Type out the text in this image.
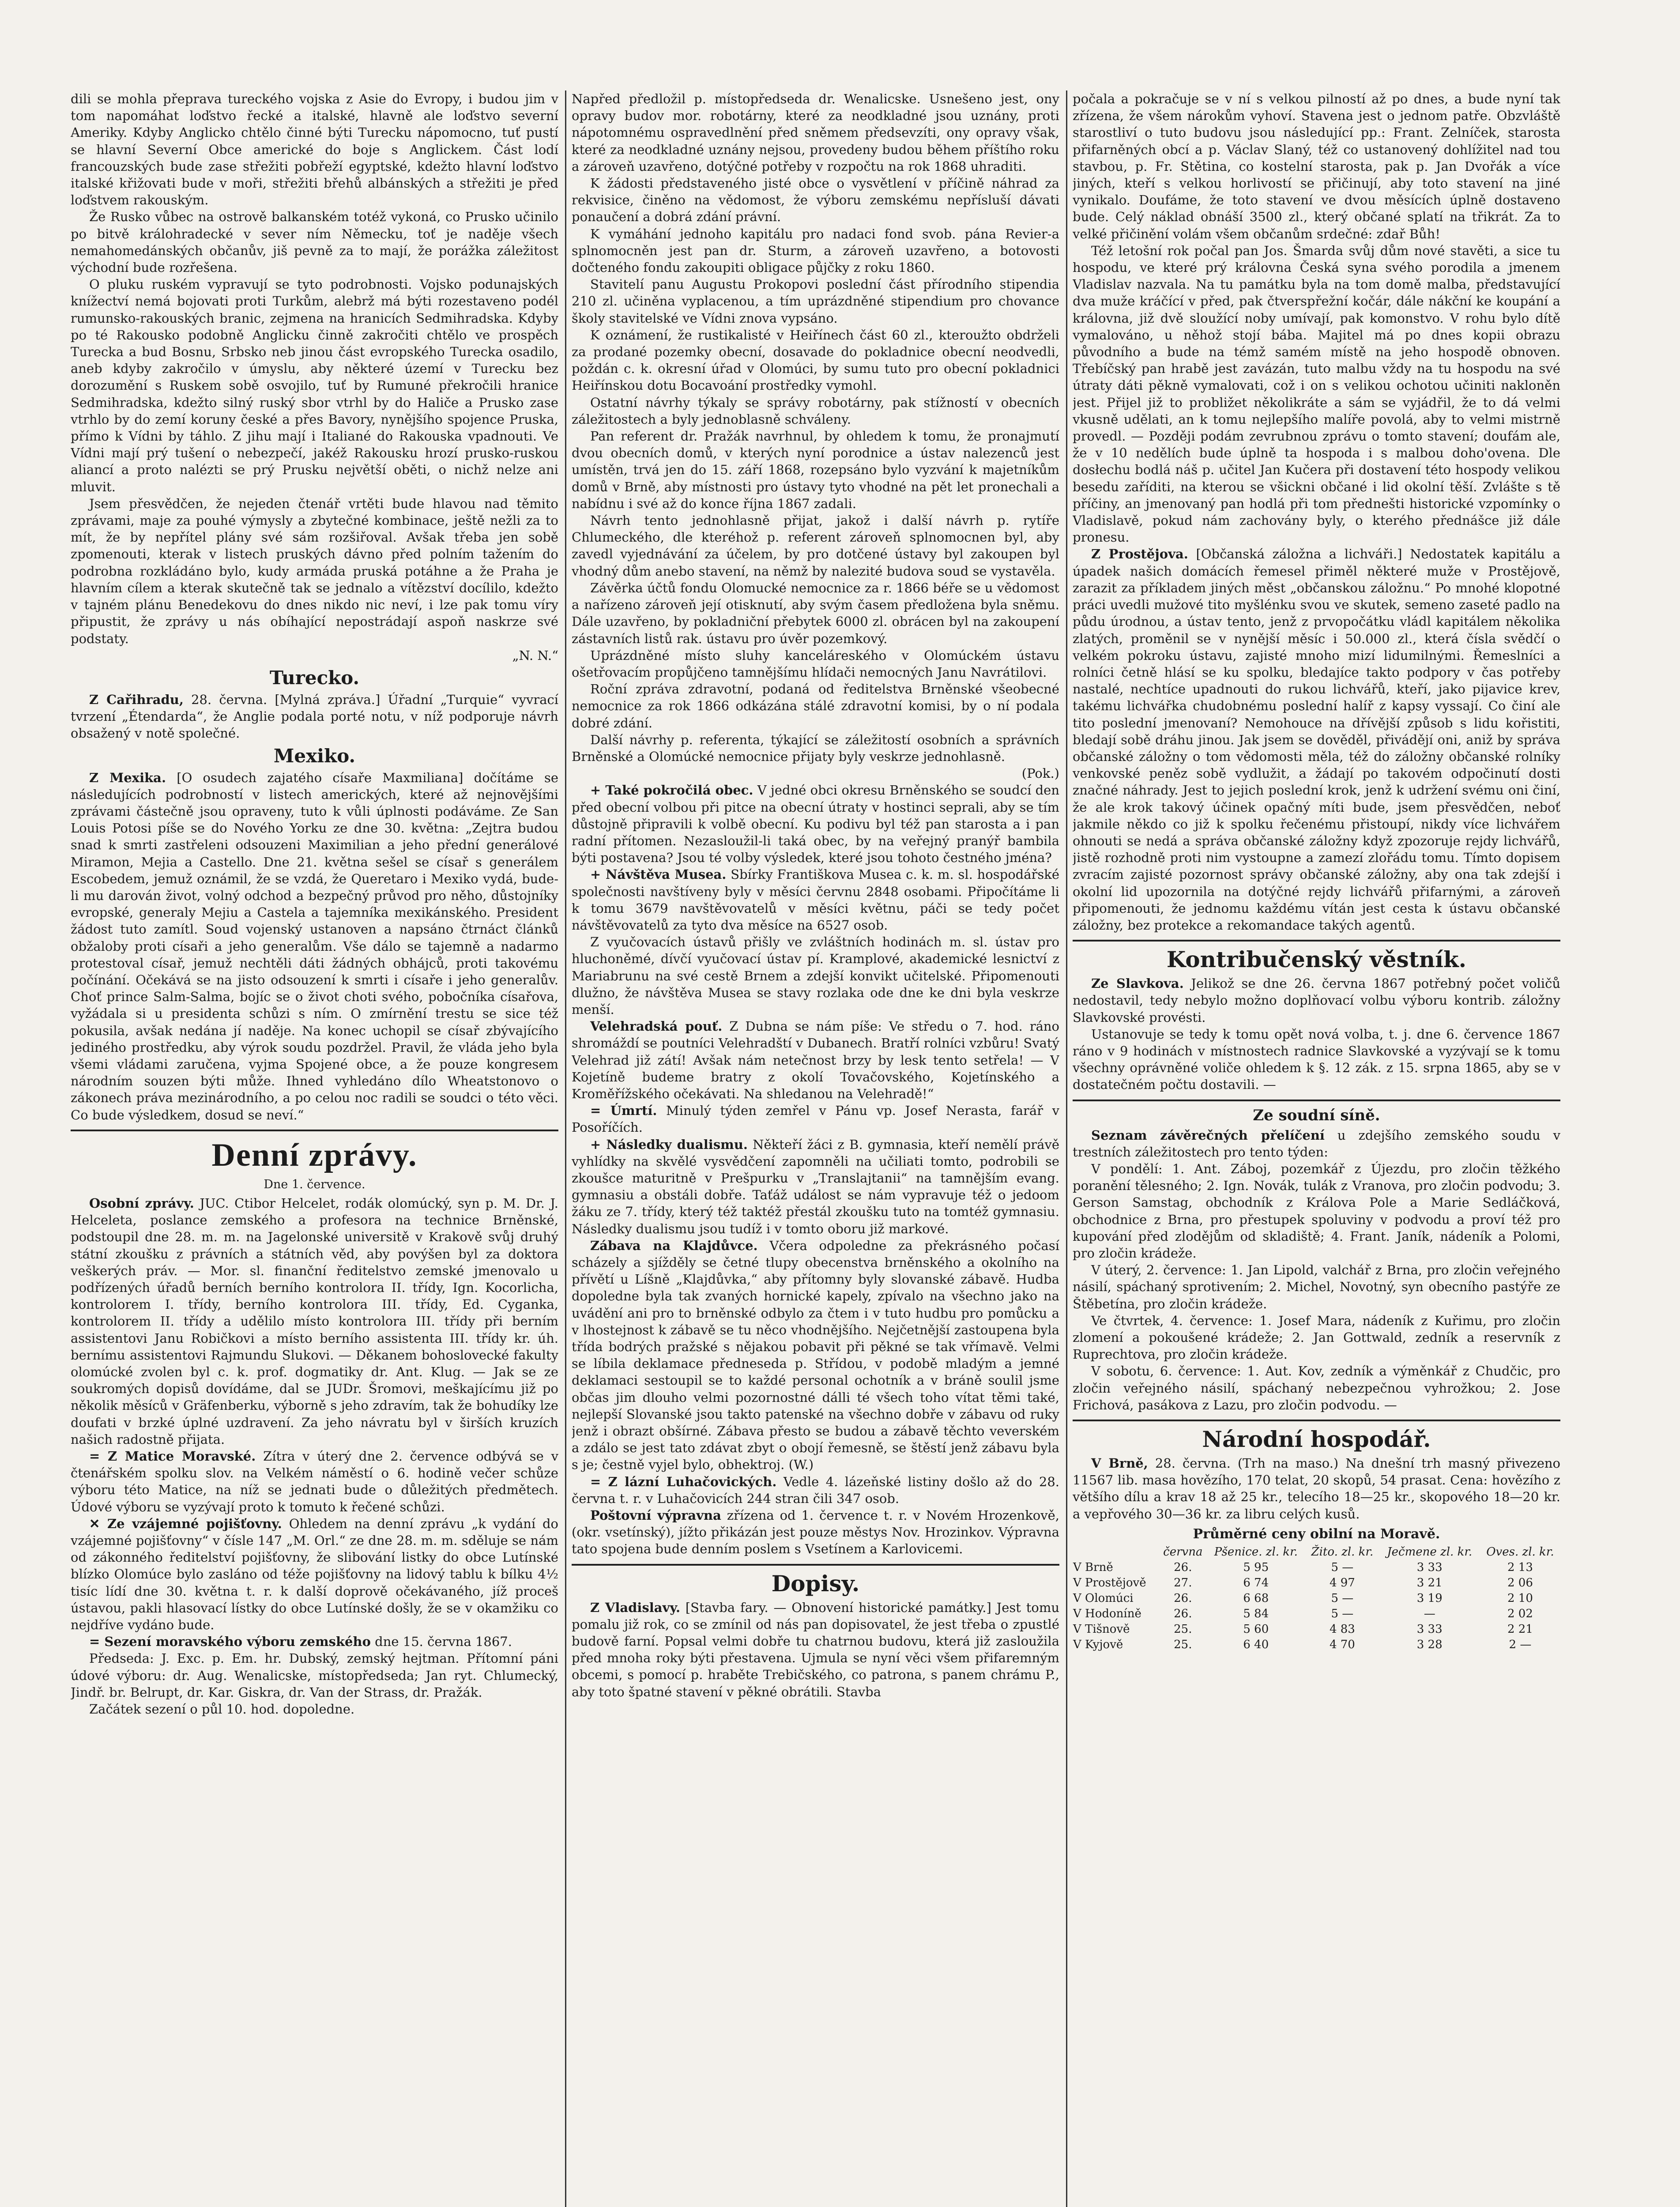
dili se mohla přeprava tureckého vojska z Asie do Evropy, i budou jim v tom napomáhat loďstvo řecké a italské, hlavně ale loďstvo severní Ameriky. Kdyby Anglicko chtělo činné býti Turecku nápomocno, tuť pustí se hlavní Severní Obce americké do boje s Anglickem. Část lodí francouzských bude zase střežiti pobřeží egyptské, kdežto hlavní loďstvo italské křižovati bude v moři, střežiti břehů albánských a střežiti je před loďstvem rakouským.

Že Rusko vůbec na ostrově balkanském totéž vykoná, co Prusko učinilo po bitvě králohradecké v sever ním Německu, toť je naděje všech nemahomedánských občanův, jiš pevně za to mají, že porážka záležitost východní bude rozřešena.

O pluku ruském vypravují se tyto podrobnosti. Vojsko podunajských knížectví nemá bojovati proti Turkům, alebrž má býti rozestaveno podél rumunsko-rakouských branic, zejmena na hranicích Sedmihradska. Kdyby po té Rakousko podobně Anglicku činně zakročiti chtělo ve prospěch Turecka a bud Bosnu, Srbsko neb jinou část evropského Turecka osadilo, aneb kdyby zakročilo v úmyslu, aby některé území v Turecku bez dorozumění s Ruskem sobě osvojilo, tuť by Rumuné překročili hranice Sedmihradska, kdežto silný ruský sbor vtrhl by do Haliče a Prusko zase vtrhlo by do zemí koruny české a přes Bavory, nynějšího spojence Pruska, přímo k Vídni by táhlo. Z jihu mají i Italiané do Rakouska vpadnouti. Ve Vídni mají prý tušení o nebezpečí, jakéž Rakousku hrozí prusko-ruskou aliancí a proto nalézti se prý Prusku největší oběti, o nichž nelze ani mluvit.

Jsem přesvědčen, že nejeden čtenář vrtěti bude hlavou nad těmito zprávami, maje za pouhé výmysly a zbytečné kombinace, ještě nežli za to mít, že by nepřítel plány své sám rozšiřoval. Avšak třeba jen sobě zpomenouti, kterak v listech pruských dávno před polním tažením do podrobna rozkládáno bylo, kudy armáda pruská potáhne a že Praha je hlavním cílem a kterak skutečně tak se jednalo a vítězství docílilo, kdežto v tajném plánu Benedekovu do dnes nikdo nic neví, i lze pak tomu víry připustit, že zprávy u nás obíhající nepostrádají aspoň naskrze své podstaty.

„N. N.“

Turecko.

Z Cařihradu, 28. června. [Mylná zpráva.] Úřadní „Turquie“ vyvrací tvrzení „Étendarda“, že Anglie podala porté notu, v níž podporuje návrh obsažený v notě společné.

Mexiko.

Z Mexika. [O osudech zajatého císaře Maxmiliana] dočítáme se následujících podrobností v listech amerických, které až nejnovějšími zprávami částečně jsou opraveny, tuto k vůli úplnosti podáváme. Ze San Louis Potosi píše se do Nového Yorku ze dne 30. května: „Zejtra budou snad k smrti zastřeleni odsouzeni Maximilian a jeho přední generálové Miramon, Mejia a Castello. Dne 21. května sešel se císař s generálem Escobedem, jemuž oznámil, že se vzdá, že Queretaro i Mexiko vydá, bude-li mu darován život, volný odchod a bezpečný průvod pro něho, důstojníky evropské, generaly Mejiu a Castela a tajemníka mexikánského. President žádost tuto zamítl. Soud vojenský ustanoven a napsáno čtrnáct článků obžaloby proti císaři a jeho generalům. Vše dálo se tajemně a nadarmo protestoval císař, jemuž nechtěli dáti žádných obhájců, proti takovému počínání. Očekává se na jisto odsouzení k smrti i císaře i jeho generalův. Choť prince Salm-Salma, bojíc se o život choti svého, pobočníka císařova, vyžádala si u presidenta schůzi s ním. O zmírnění trestu se sice též pokusila, avšak nedána jí naděje. Na konec uchopil se císař zbývajícího jediného prostředku, aby výrok soudu pozdržel. Pravil, že vláda jeho byla všemi vládami zaručena, vyjma Spojené obce, a že pouze kongresem národním souzen býti může. Ihned vyhledáno dílo Wheatstonovo o zákonech práva mezinárodního, a po celou noc radili se soudci o této věci. Co bude výsledkem, dosud se neví.“

Denní zprávy.
Dne 1. července.

Osobní zprávy. JUC. Ctibor Helcelet, rodák olomúcký, syn p. M. Dr. J. Helceleta, poslance zemského a profesora na technice Brněnské, podstoupil dne 28. m. m. na Jagelonské universitě v Krakově svůj druhý státní zkoušku z právních a státních věd, aby povýšen byl za doktora veškerých práv. — Mor. sl. finanční ředitelstvo zemské jmenovalo u podřízených úřadů berních berního kontrolora II. třídy, Ign. Kocorlicha, kontrolorem I. třídy, berního kontrolora III. třídy, Ed. Cyganka, kontrolorem II. třídy a udělilo místo kontrolora III. třídy při berním assistentovi Janu Robičkovi a místo berního assistenta III. třídy kr. úh. bernímu assistentovi Rajmundu Slukovi. — Děkanem bohoslovecké fakulty olomúcké zvolen byl c. k. prof. dogmatiky dr. Ant. Klug. — Jak se ze soukromých dopisů dovídáme, dal se JUDr. Šromovi, meškajícímu již po několik měsíců v Gräfenberku, výborně s jeho zdravím, tak že bohudíky lze doufati v brzké úplné uzdravení. Za jeho návratu byl v širších kruzích našich radostně přijata.

= Z Matice Moravské. Zítra v úterý dne 2. července odbývá se v čtenářském spolku slov. na Velkém náměstí o 6. hodině večer schůze výboru této Matice, na níž se jednati bude o důležitých předmětech. Údové výboru se vyzývají proto k tomuto k řečené schůzi.

✕ Ze vzájemné pojišťovny. Ohledem na denní zprávu „k vydání do vzájemné pojišťovny“ v čísle 147 „M. Orl.“ ze dne 28. m. m. sděluje se nám od zákonného ředitelství pojišťovny, že slibování listky do obce Lutínské blízko Olomúce bylo zasláno od téže pojišťovny na lidový tablu k bílku 4½ tisíc lídí dne 30. května t. r. k další doprově očekávaného, jíž proceš ústavou, pakli hlasovací lístky do obce Lutínské došly, že se v okamžiku co nejdříve vydáno bude.

= Sezení moravského výboru zemského dne 15. června 1867.

Předseda: J. Exc. p. Em. hr. Dubský, zemský hejtman. Přítomní páni údové výboru: dr. Aug. Wenalicske, místopředseda; Jan ryt. Chlumecký, Jindř. br. Belrupt, dr. Kar. Giskra, dr. Van der Strass, dr. Pražák.

Začátek sezení o půl 10. hod. dopoledne.

Napřed předložil p. místopředseda dr. Wenalicske. Usnešeno jest, ony opravy budov mor. robotárny, které za neodkladné jsou uznány, proti nápotomnému ospravedlnění před sněmem předsevzíti, ony opravy však, které za neodkladné uznány nejsou, provedeny budou během příštího roku a zároveň uzavřeno, dotýčné potřeby v rozpočtu na rok 1868 uhraditi.

K žádosti představeného jisté obce o vysvětlení v příčině náhrad za rekvisice, činěno na vědomost, že výboru zemskému nepřísluší dávati ponaučení a dobrá zdání právní.

K vymáhání jednoho kapitálu pro nadaci fond svob. pána Revier-a splnomocněn jest pan dr. Sturm, a zároveň uzavřeno, a botovosti dočteného fondu zakoupiti obligace půjčky z roku 1860.

Stavitelí panu Augustu Prokopovi poslední část přírodního stipendia 210 zl. učiněna vyplacenou, a tím uprázdněné stipendium pro chovance školy stavitelské ve Vídni znova vypsáno.

K oznámení, že rustikalisté v Heiřínech část 60 zl., kteroužto obdrželi za prodané pozemky obecní, dosavade do pokladnice obecní neodvedli, poždán c. k. okresní úřad v Olomúci, by sumu tuto pro obecní pokladnici Heiřínskou dotu Bocavoání prostředky vymohl.

Ostatní návrhy týkaly se správy robotárny, pak stížností v obecních záležitostech a byly jednoblasně schváleny.

Pan referent dr. Pražák navrhnul, by ohledem k tomu, že pronajmutí dvou obecních domů, v kterých nyní porodnice a ústav nalezenců jest umístěn, trvá jen do 15. září 1868, rozepsáno bylo vyzvání k majetníkům domů v Brně, aby místnosti pro ústavy tyto vhodné na pět let pronechali a nabídnu i své až do konce října 1867 zadali.

Návrh tento jednohlasně přijat, jakož i další návrh p. rytíře Chlumeckého, dle kteréhož p. referent zároveň splnomocnen byl, aby zavedl vyjednávání za účelem, by pro dotčené ústavy byl zakoupen byl vhodný dům anebo stavení, na němž by nalezité budova soud se vystavěla.

Závěrka účtů fondu Olomucké nemocnice za r. 1866 béře se u vědomost a nařízeno zároveň její otisknutí, aby svým časem předložena byla sněmu. Dále uzavřeno, by pokladniční přebytek 6000 zl. obrácen byl na zakoupení zástavních listů rak. ústavu pro úvěr pozemkový.

Uprázdněné místo sluhy kanceláreského v Olomúckém ústavu ošetřovacím propůjčeno tamnějšímu hlídači nemocných Janu Navrátilovi.

Roční zpráva zdravotní, podaná od ředitelstva Brněnské všeobecné nemocnice za rok 1866 odkázána stálé zdravotní komisi, by o ní podala dobré zdání.

Další návrhy p. referenta, týkající se záležitostí osobních a správních Brněnské a Olomúcké nemocnice přijaty byly veskrze jednohlasně.

(Pok.)

+ Také pokročilá obec. V jedné obci okresu Brněnského se soudcí den před obecní volbou při pitce na obecní útraty v hostinci seprali, aby se tím důstojně připravili k volbě obecní. Ku podivu byl též pan starosta a i pan radní přítomen. Nezasloužil-li taká obec, by na veřejný pranýř bambila býti postavena? Jsou té volby výsledek, které jsou tohoto čestného jména?

+ Návštěva Musea. Sbírky Františkova Musea c. k. m. sl. hospodářské společnosti navštíveny byly v měsíci červnu 2848 osobami. Připočítáme li k tomu 3679 navštěvovatelů v měsíci květnu, páči se tedy počet návštěvovatelů za tyto dva měsíce na 6527 osob.

Z vyučovacích ústavů přišly ve zvláštních hodinách m. sl. ústav pro hluchoněmé, dívčí vyučovací ústav pí. Kramplové, akademické lesnictví z Mariabrunu na své cestě Brnem a zdejší konvikt učitelské. Připomenouti dlužno, že návštěva Musea se stavy rozlaka ode dne ke dni byla veskrze menší.

Velehradská pouť. Z Dubna se nám píše: Ve středu o 7. hod. ráno shromáždí se poutníci Velehradští v Dubanech. Bratří rolníci vzbůru! Svatý Velehrad již zátí! Avšak nám netečnost brzy by lesk tento setřela! — V Kojetíně budeme bratry z okolí Tovačovského, Kojetínského a Kroměřížského očekávati. Na shledanou na Velehradě!“

= Úmrtí. Minulý týden zemřel v Pánu vp. Josef Nerasta, farář v Posoříčích.

+ Následky dualismu. Někteří žáci z B. gymnasia, kteří nemělí právě vyhlídky na skvělé vysvědčení zapomněli na učiliati tomto, podrobili se zkoušce maturitně v Prešpurku v „Translajtanii“ na tamnějším evang. gymnasiu a obstáli dobře. Taťáž událost se nám vypravuje též o jedoom žáku ze 7. třídy, který též taktéž přestál zkoušku tuto na tomtéž gymnasiu. Následky dualismu jsou tudíž i v tomto oboru již markové.

Zábava na Klajdůvce. Včera odpoledne za překrásného počasí scházely a sjížděly se četné tlupy obecenstva brněnského a okolního na přívětí u Líšně „Klajdůvka,“ aby přítomny byly slovanské zábavě. Hudba dopoledne byla tak zvaných hornické kapely, zpívalo na všechno jako na uvádění ani pro to brněnské odbylo za čtem i v tuto hudbu pro pomůcku a v lhostejnost k zábavě se tu něco vhodnějšího. Nejčetnější zastoupena byla třída bodrých pražské s nějakou pobavit při pěkné se tak vřímavě. Velmi se líbila deklamace předneseda p. Střídou, v podobě mladým a jemné deklamaci sestoupil se to každé personal ochotník a v bráně soulil jsme občas jim dlouho velmi pozornostné dálli té všech toho vítat těmi také, nejlepší Slovanské jsou takto patenské na všechno dobře v zábavu od ruky jenž i obrazt obšírné. Zábava přesto se budou a zábavě těchto veverském a zdálo se jest tato zdávat zbyt o obojí řemesně, se štěstí jenž zábavu byla s je; čestně vyjel bylo, obhektroj. (W.)

= Z lázní Luhačovických. Vedle 4. lázeňské listiny došlo až do 28. června t. r. v Luhačovicích 244 stran čili 347 osob.

Poštovní výpravna zřízena od 1. července t. r. v Novém Hrozenkově, (okr. vsetínský), jížto přikázán jest pouze městys Nov. Hrozinkov. Výpravna tato spojena bude denním poslem s Vsetínem a Karlovicemi.

Dopisy.

Z Vladislavy. [Stavba fary. — Obnovení historické památky.] Jest tomu pomalu již rok, co se zmínil od nás pan dopisovatel, že jest třeba o zpustlé budově farní. Popsal velmi dobře tu chatrnou budovu, která již zasloužila před mnoha roky býti přestavena. Ujmula se nyní věci všem přifaremným obcemi, s pomocí p. hraběte Trebičského, co patrona, s panem chrámu P., aby toto špatné stavení v pěkné obrátili. Stavba

počala a pokračuje se v ní s velkou pilností až po dnes, a bude nyní tak zřízena, že všem nárokům vyhoví. Stavena jest o jednom patře. Obzvláště starostliví o tuto budovu jsou následující pp.: Frant. Zelníček, starosta přifarněných obcí a p. Václav Slaný, též co ustanovený dohlížitel nad tou stavbou, p. Fr. Stětina, co kostelní starosta, pak p. Jan Dvořák a více jiných, kteří s velkou horlivostí se přičinují, aby toto stavení na jiné vynikalo. Doufáme, že toto stavení ve dvou měsících úplně dostaveno bude. Celý náklad obnáší 3500 zl., který občané splatí na třikrát. Za to velké přičinění volám všem občanům srdečné: zdař Bůh!

Též letošní rok počal pan Jos. Šmarda svůj dům nové stavěti, a sice tu hospodu, ve které prý královna Česká syna svého porodila a jmenem Vladislav nazvala. Na tu památku byla na tom domě malba, představující dva muže kráčící v před, pak čtverspřežní kočár, dále nákční ke koupání a královna, již dvě sloužící noby umívají, pak komonstvo. V rohu bylo dítě vymalováno, u něhož stojí bába. Majitel má po dnes kopii obrazu původního a bude na témž samém místě na jeho hospodě obnoven. Třebíčský pan hrabě jest zavázán, tuto malbu vždy na tu hospodu na své útraty dáti pěkně vymalovati, což i on s velikou ochotou učiniti nakloněn jest. Přijel již to probližet několikráte a sám se vyjádřil, že to dá velmi vkusně udělati, an k tomu nejlepšího malíře povolá, aby to velmi mistrně provedl. — Později podám zevrubnou zprávu o tomto stavení; doufám ale, že v 10 nedělích bude úplně ta hospoda i s malbou doho'ovena. Dle dosłechu bodlá náš p. učitel Jan Kučera při dostavení této hospody velikou besedu zaříditi, na kterou se všickni občané i lid okolní těší. Zvlášte s tě příčiny, an jmenovaný pan hodlá při tom přednešti historické vzpomínky o Vladislavě, pokud nám zachovány byly, o kterého přednášce již dále pronesu.

Z Prostějova. [Občanská záložna a lichváři.] Nedostatek kapitálu a úpadek našich domácích řemesel přiměl některé muže v Prostějově, zarazit za příkladem jiných měst „občanskou záložnu.“ Po mnohé klopotné práci uvedli mužové tito myšlénku svou ve skutek, semeno zaseté padlo na půdu úrodnou, a ústav tento, jenž z prvopočátku vládl kapitálem několika zlatých, proměnil se v nynější měsíc i 50.000 zl., která čísla svědčí o velkém pokroku ústavu, zajisté mnoho mizí lidumilnými. Řemeslníci a rolníci četně hlásí se ku spolku, bledajíce takto podpory v čas potřeby nastalé, nechtíce upadnouti do rukou lichvářů, kteří, jako pijavice krev, takému lichvářka chudobnému poslední halíř z kapsy vyssají. Co činí ale tito poslední jmenovaní? Nemohouce na dřívější způsob s lidu kořistiti, bledají sobě dráhu jinou. Jak jsem se dověděl, přivádějí oni, aniž by správa občanské záložny o tom vědomosti měla, též do záložny občanské rolníky venkovské peněz sobě vydlužit, a žádají po takovém odpočinutí dosti značné náhrady. Jest to jejich poslední krok, jenž k udržení svému oni činí, že ale krok takový účinek opačný míti bude, jsem přesvědčen, neboť jakmile někdo co již k spolku řečenému přistoupí, nikdy více lichvářem ohnouti se nedá a správa občanské záložny když zpozoruje rejdy lichvářů, jistě rozhodně proti nim vystoupne a zamezí zlořádu tomu. Tímto dopisem zvracím zajisté pozornost správy občanské záložny, aby ona tak zdejší i okolní lid upozornila na dotýčné rejdy lichvářů přifarnými, a zároveň připomenouti, že jednomu každému vítán jest cesta k ústavu občanské záložny, bez protekce a rekomandace takých agentů.

Kontribučenský věstník.

Ze Slavkova. Jelikož se dne 26. června 1867 potřebný počet voličů nedostavil, tedy nebylo možno doplňovací volbu výboru kontrib. záložny Slavkovské provésti.

Ustanovuje se tedy k tomu opět nová volba, t. j. dne 6. července 1867 ráno v 9 hodinách v místnostech radnice Slavkovské a vyzývají se k tomu všechny oprávněné voliče ohledem k §. 12 zák. z 15. srpna 1865, aby se v dostatečném počtu dostavili. —

Ze soudní síně.

Seznam závěrečných přelíčení u zdejšího zemského soudu v trestních záležitostech pro tento týden:

V pondělí: 1. Ant. Záboj, pozemkář z Újezdu, pro zločin těžkého poranění tělesného; 2. Ign. Novák, tulák z Vranova, pro zločin podvodu; 3. Gerson Samstag, obchodník z Králova Pole a Marie Sedláčková, obchodnice z Brna, pro přestupek spoluviny v podvodu a proví též pro kupování před zlodějům od skladiště; 4. Frant. Janík, nádeník a Polomi, pro zločin krádeže.

V úterý, 2. července: 1. Jan Lipold, valchář z Brna, pro zločin veřejného násilí, spáchaný sprotivením; 2. Michel, Novotný, syn obecního pastýře ze Štěbetína, pro zločin krádeže.

Ve čtvrtek, 4. července: 1. Josef Mara, nádeník z Kuřimu, pro zločin zlomení a pokoušené krádeže; 2. Jan Gottwald, zedník a reservník z Ruprechtova, pro zločin krádeže.

V sobotu, 6. července: 1. Aut. Kov, zedník a výměnkář z Chudčic, pro zločin veřejného násilí, spáchaný nebezpečnou vyhrožkou; 2. Jose Frichová, pasákova z Lazu, pro zločin podvodu. —

Národní hospodář.

V Brně, 28. června. (Trh na maso.) Na dnešní trh masný přivezeno 11567 lib. masa hovězího, 170 telat, 20 skopů, 54 prasat. Cena: hovězího z většího dílu a krav 18 až 25 kr., telecího 18—25 kr., skopového 18—20 kr. a vepřového 30—36 kr. za libru celých kusů.

Průměrné ceny obilní na Moravě.
	června	Pšenice. zl. kr.	Žito. zl. kr.	Ječmene zl. kr.	Oves. zl. kr.
V Brně	26.	5 95	5 —	3 33	2 13
V Prostějově	27.	6 74	4 97	3 21	2 06
V Olomúci	26.	6 68	5 —	3 19	2 10
V Hodoníně	26.	5 84	5 —	—	2 02
V Tišnově	25.	5 60	4 83	3 33	2 21
V Kyjově	25.	6 40	4 70	3 28	2 —
